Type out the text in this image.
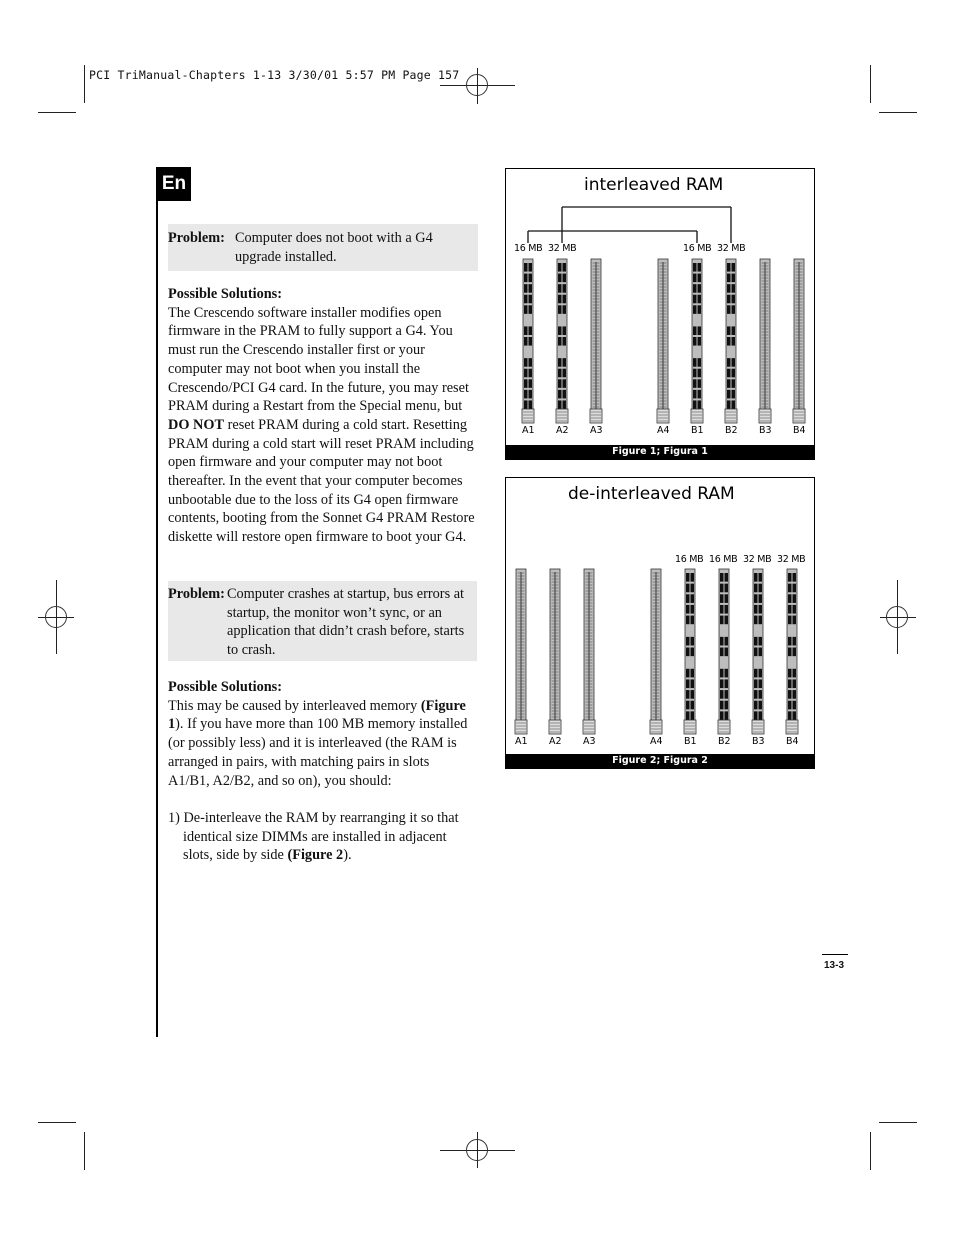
PCI TriManual-Chapters 1-13 3/30/01 5:57 PM Page 157
En
Problem: Computer does not boot with a G4
upgrade installed.

Possible Solutions:

The Crescendo software installer modifies open firmware in the PRAM to fully support a G4. You must run the Crescendo installer first or your computer may not boot when you install the Crescendo/PCI G4 card. In the future, you may reset PRAM during a Restart from the Special menu, but DO NOT reset PRAM during a cold start. Resetting PRAM during a cold start will reset PRAM including open firmware and your computer may not boot thereafter. In the event that your computer becomes unbootable due to the loss of its G4 open firmware contents, booting from the Sonnet G4 PRAM Restore diskette will restore open firmware to boot your G4.

Problem: Computer crashes at startup, bus errors at
startup, the monitor won’t sync, or an
application that didn’t crash before, starts
to crash.

Possible Solutions:

This may be caused by interleaved memory (Figure 1). If you have more than 100 MB memory installed (or possibly less) and it is interleaved (the RAM is arranged in pairs, with matching pairs in slots A1/B1, A2/B2, and so on), you should:

1) De-interleave the RAM by rearranging it so that identical size DIMMs are installed in adjacent slots, side by side (Figure 2).

interleaved RAM
16 MB 32 MB	16 MB 32 MB
A1 A2 A3	A4 B1 B2 B3 B4
Figure 1; Figura 1
de-interleaved RAM
16 MB 16 MB 32 MB 32 MB
A1 A2 A3	A4 B1 B2 B3 B4
Figure 2; Figura 2
13-3
